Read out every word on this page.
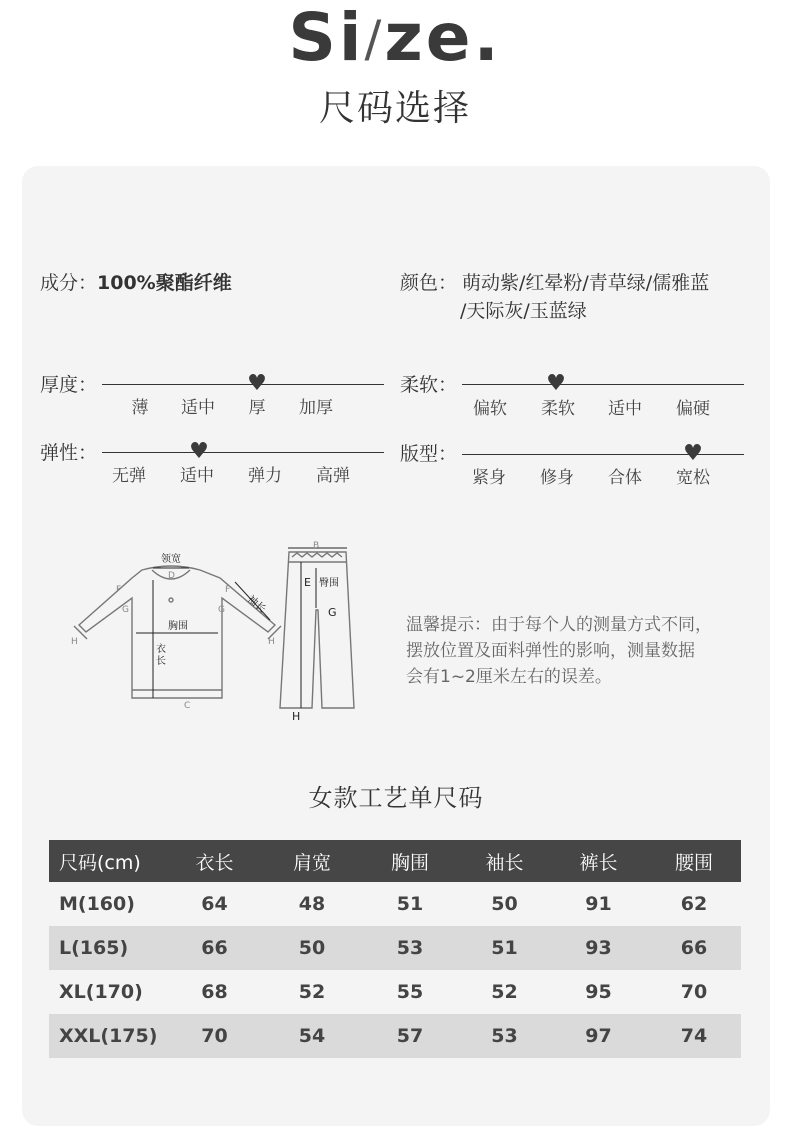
Si/ze.
尺码选择
成分：100%聚酯纤维	颜色： 萌动紫/红晕粉/青草绿/儒雅蓝
/天际灰/玉蓝绿
厚度：	♥
薄	适中	厚	加厚
柔软：	♥
偏软	柔软	适中	偏硬
弹性：	♥
无弹	适中	弹力	高弹
版型：	♥
紧身	修身	合体	宽松
领宽
胸围
衣
长
袖长
D
F	F
G	G
H	H
C
B
E 臀围
G
H
温馨提示：由于每个人的测量方式不同，
摆放位置及面料弹性的影响，测量数据
会有1~2厘米左右的误差。
女款工艺单尺码
尺码(cm)	衣长	肩宽	胸围	袖长	裤长	腰围
M(160)	64	48	51	50	91	62
L(165)	66	50	53	51	93	66
XL(170)	68	52	55	52	95	70
XXL(175)	70	54	57	53	97	74
